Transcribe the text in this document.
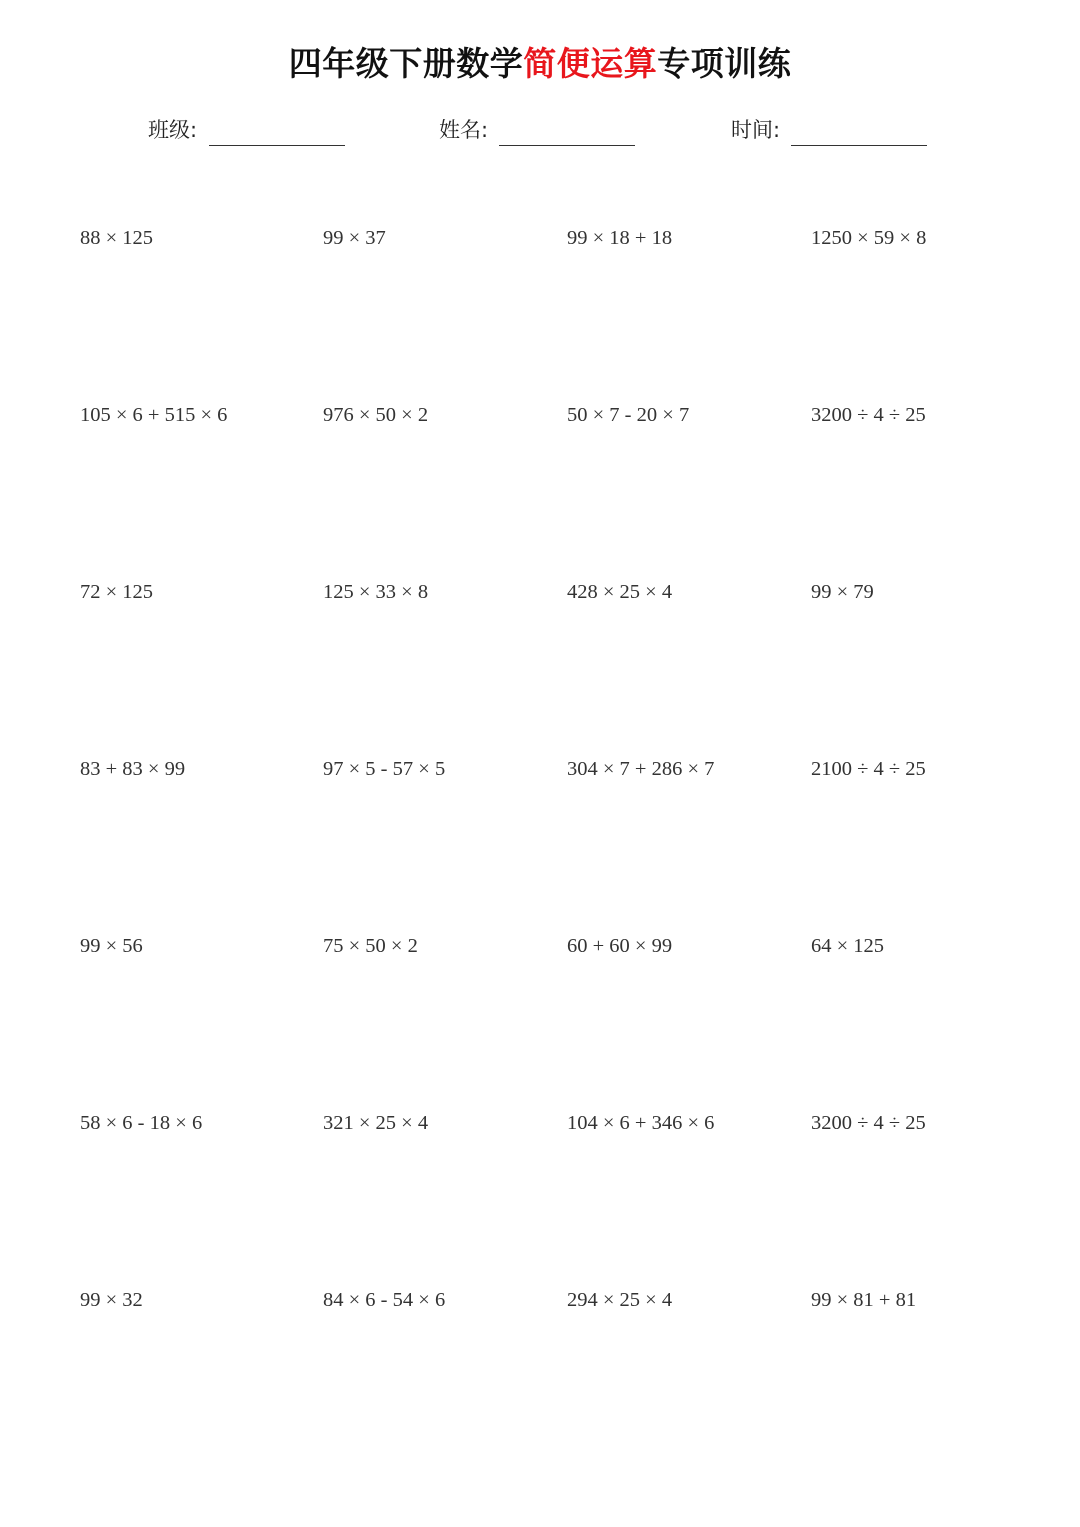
四年级下册数学简便运算专项训练
班级:	姓名:	时间:
88 × 125	99 × 37	99 × 18 + 18	1250 × 59 × 8
105 × 6 + 515 × 6	976 × 50 × 2	50 × 7 - 20 × 7	3200 ÷ 4 ÷ 25
72 × 125	125 × 33 × 8	428 × 25 × 4	99 × 79
83 + 83 × 99	97 × 5 - 57 × 5	304 × 7 + 286 × 7	2100 ÷ 4 ÷ 25
99 × 56	75 × 50 × 2	60 + 60 × 99	64 × 125
58 × 6 - 18 × 6	321 × 25 × 4	104 × 6 + 346 × 6	3200 ÷ 4 ÷ 25
99 × 32	84 × 6 - 54 × 6	294 × 25 × 4	99 × 81 + 81
